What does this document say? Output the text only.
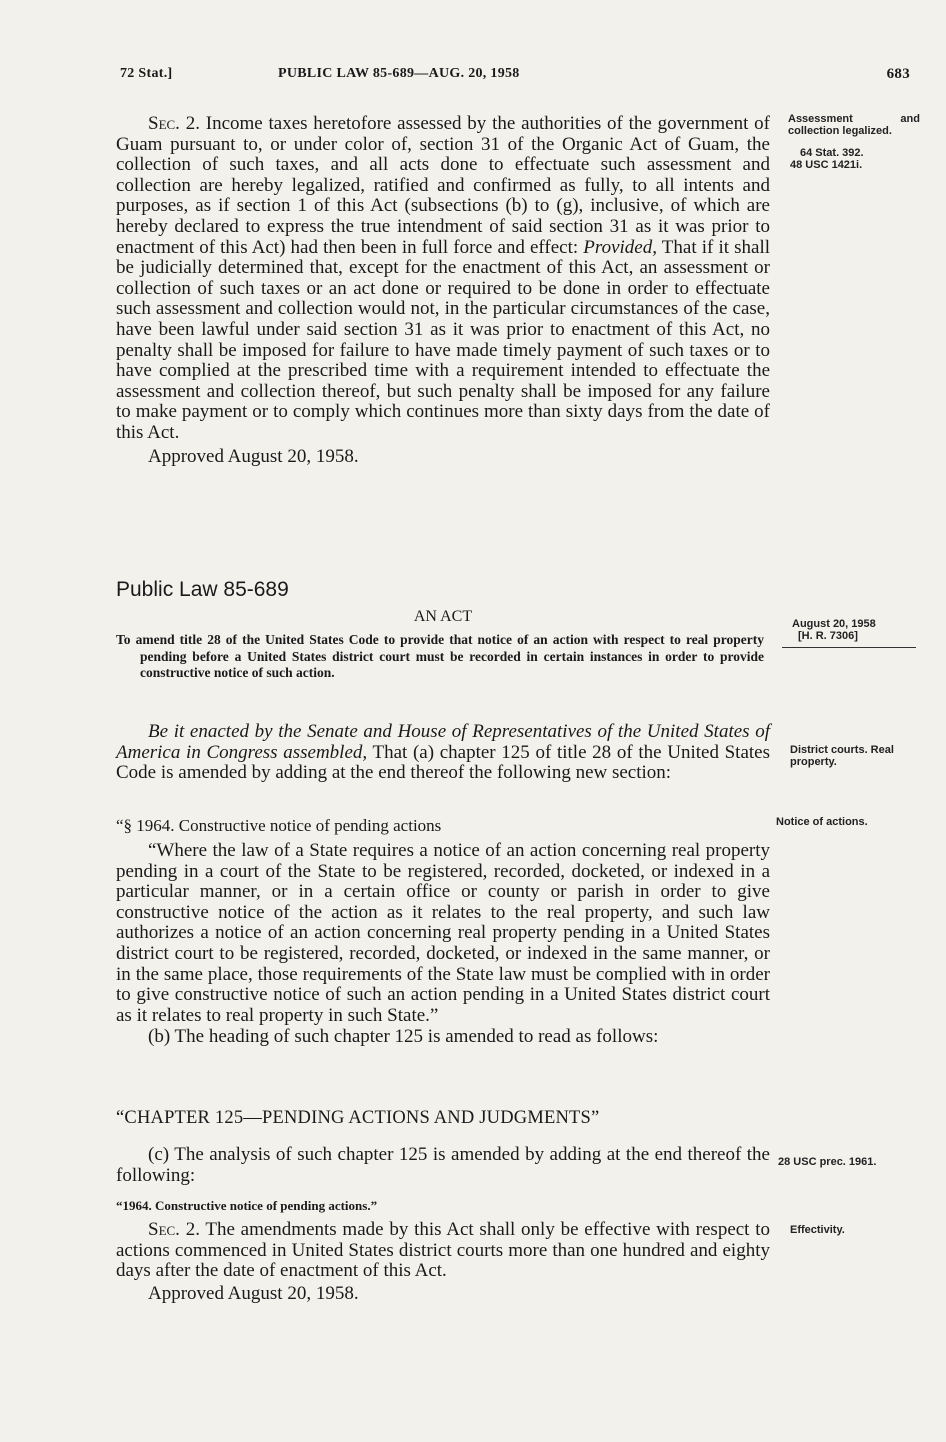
72 Stat.]	PUBLIC LAW 85-689—AUG. 20, 1958	683

Sec. 2. Income taxes heretofore assessed by the authorities of the government of Guam pursuant to, or under color of, section 31 of the Organic Act of Guam, the collection of such taxes, and all acts done to effectuate such assessment and collection are hereby legalized, ratified and confirmed as fully, to all intents and purposes, as if section 1 of this Act (subsections (b) to (g), inclusive, of which are hereby declared to express the true intendment of said section 31 as it was prior to enactment of this Act) had then been in full force and effect: Provided, That if it shall be judicially determined that, except for the enactment of this Act, an assessment or collection of such taxes or an act done or required to be done in order to effectuate such assessment and collection would not, in the particular circumstances of the case, have been lawful under said section 31 as it was prior to enactment of this Act, no penalty shall be imposed for failure to have made timely payment of such taxes or to have complied at the prescribed time with a requirement intended to effectuate the assessment and collection thereof, but such penalty shall be imposed for any failure to make payment or to comply which continues more than sixty days from the date of this Act.

Approved August 20, 1958.

Public Law 85-689
AN ACT

To amend title 28 of the United States Code to provide that notice of an action with respect to real property pending before a United States district court must be recorded in certain instances in order to provide constructive notice of such action.

Be it enacted by the Senate and House of Representatives of the United States of America in Congress assembled, That (a) chapter 125 of title 28 of the United States Code is amended by adding at the end thereof the following new section:

“§ 1964. Constructive notice of pending actions

“Where the law of a State requires a notice of an action concerning real property pending in a court of the State to be registered, recorded, docketed, or indexed in a particular manner, or in a certain office or county or parish in order to give constructive notice of the action as it relates to the real property, and such law authorizes a notice of an action concerning real property pending in a United States district court to be registered, recorded, docketed, or indexed in the same manner, or in the same place, those requirements of the State law must be complied with in order to give constructive notice of such an action pending in a United States district court as it relates to real property in such State.”

(b) The heading of such chapter 125 is amended to read as follows:

“CHAPTER 125—PENDING ACTIONS AND JUDGMENTS”

(c) The analysis of such chapter 125 is amended by adding at the end thereof the following:

“1964. Constructive notice of pending actions.”

Sec. 2. The amendments made by this Act shall only be effective with respect to actions commenced in United States district courts more than one hundred and eighty days after the date of enactment of this Act.

Approved August 20, 1958.

Assessment and collection legalized.
64 Stat. 392.
48 USC 1421i.
August 20, 1958
[H. R. 7306]
District courts. Real property.
Notice of actions.
28 USC prec. 1961.
Effectivity.
